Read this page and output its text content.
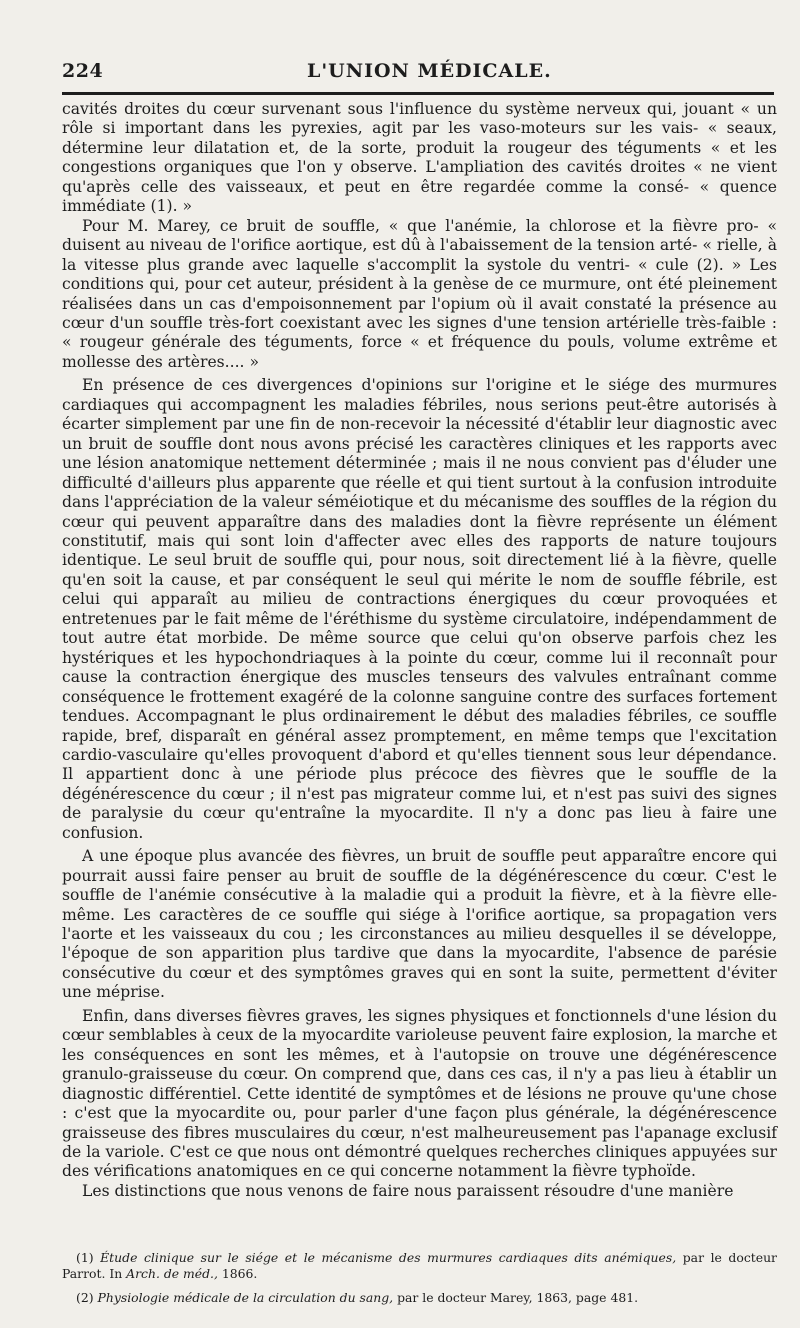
224	L'UNION MÉDICALE.

cavités droites du cœur survenant sous l'influence du système nerveux qui, jouant « un rôle si important dans les pyrexies, agit par les vaso-moteurs sur les vais- « seaux, détermine leur dilatation et, de la sorte, produit la rougeur des téguments « et les congestions organiques que l'on y observe. L'ampliation des cavités droites « ne vient qu'après celle des vaisseaux, et peut en être regardée comme la consé- « quence immédiate (1). »

Pour M. Marey, ce bruit de souffle, « que l'anémie, la chlorose et la fièvre pro- « duisent au niveau de l'orifice aortique, est dû à l'abaissement de la tension arté- « rielle, à la vitesse plus grande avec laquelle s'accomplit la systole du ventri- « cule (2). » Les conditions qui, pour cet auteur, président à la genèse de ce murmure, ont été pleinement réalisées dans un cas d'empoisonnement par l'opium où il avait constaté la présence au cœur d'un souffle très-fort coexistant avec les signes d'une tension artérielle très-faible : « rougeur générale des téguments, force « et fréquence du pouls, volume extrême et mollesse des artères.... »

En présence de ces divergences d'opinions sur l'origine et le siége des murmures cardiaques qui accompagnent les maladies fébriles, nous serions peut-être autorisés à écarter simplement par une fin de non-recevoir la nécessité d'établir leur diagnostic avec un bruit de souffle dont nous avons précisé les caractères cliniques et les rapports avec une lésion anatomique nettement déterminée ; mais il ne nous convient pas d'éluder une difficulté d'ailleurs plus apparente que réelle et qui tient surtout à la confusion introduite dans l'appréciation de la valeur séméiotique et du mécanisme des souffles de la région du cœur qui peuvent apparaître dans des maladies dont la fièvre représente un élément constitutif, mais qui sont loin d'affecter avec elles des rapports de nature toujours identique. Le seul bruit de souffle qui, pour nous, soit directement lié à la fièvre, quelle qu'en soit la cause, et par conséquent le seul qui mérite le nom de souffle fébrile, est celui qui apparaît au milieu de contractions énergiques du cœur provoquées et entretenues par le fait même de l'éréthisme du système circulatoire, indépendamment de tout autre état morbide. De même source que celui qu'on observe parfois chez les hystériques et les hypochondriaques à la pointe du cœur, comme lui il reconnaît pour cause la contraction énergique des muscles tenseurs des valvules entraînant comme conséquence le frottement exagéré de la colonne sanguine contre des surfaces fortement tendues. Accompagnant le plus ordinairement le début des maladies fébriles, ce souffle rapide, bref, disparaît en général assez promptement, en même temps que l'excitation cardio-vasculaire qu'elles provoquent d'abord et qu'elles tiennent sous leur dépendance. Il appartient donc à une période plus précoce des fièvres que le souffle de la dégénérescence du cœur ; il n'est pas migrateur comme lui, et n'est pas suivi des signes de paralysie du cœur qu'entraîne la myocardite. Il n'y a donc pas lieu à faire une confusion.

A une époque plus avancée des fièvres, un bruit de souffle peut apparaître encore qui pourrait aussi faire penser au bruit de souffle de la dégénérescence du cœur. C'est le souffle de l'anémie consécutive à la maladie qui a produit la fièvre, et à la fièvre elle-même. Les caractères de ce souffle qui siége à l'orifice aortique, sa propagation vers l'aorte et les vaisseaux du cou ; les circonstances au milieu desquelles il se développe, l'époque de son apparition plus tardive que dans la myocardite, l'absence de parésie consécutive du cœur et des symptômes graves qui en sont la suite, permettent d'éviter une méprise.

Enfin, dans diverses fièvres graves, les signes physiques et fonctionnels d'une lésion du cœur semblables à ceux de la myocardite varioleuse peuvent faire explosion, la marche et les conséquences en sont les mêmes, et à l'autopsie on trouve une dégénérescence granulo-graisseuse du cœur. On comprend que, dans ces cas, il n'y a pas lieu à établir un diagnostic différentiel. Cette identité de symptômes et de lésions ne prouve qu'une chose : c'est que la myocardite ou, pour parler d'une façon plus générale, la dégénérescence graisseuse des fibres musculaires du cœur, n'est malheureusement pas l'apanage exclusif de la variole. C'est ce que nous ont démontré quelques recherches cliniques appuyées sur des vérifications anatomiques en ce qui concerne notamment la fièvre typhoïde.

Les distinctions que nous venons de faire nous paraissent résoudre d'une manière

(1) Étude clinique sur le siége et le mécanisme des murmures cardiaques dits anémiques, par le docteur Parrot. In Arch. de méd., 1866.

(2) Physiologie médicale de la circulation du sang, par le docteur Marey, 1863, page 481.
